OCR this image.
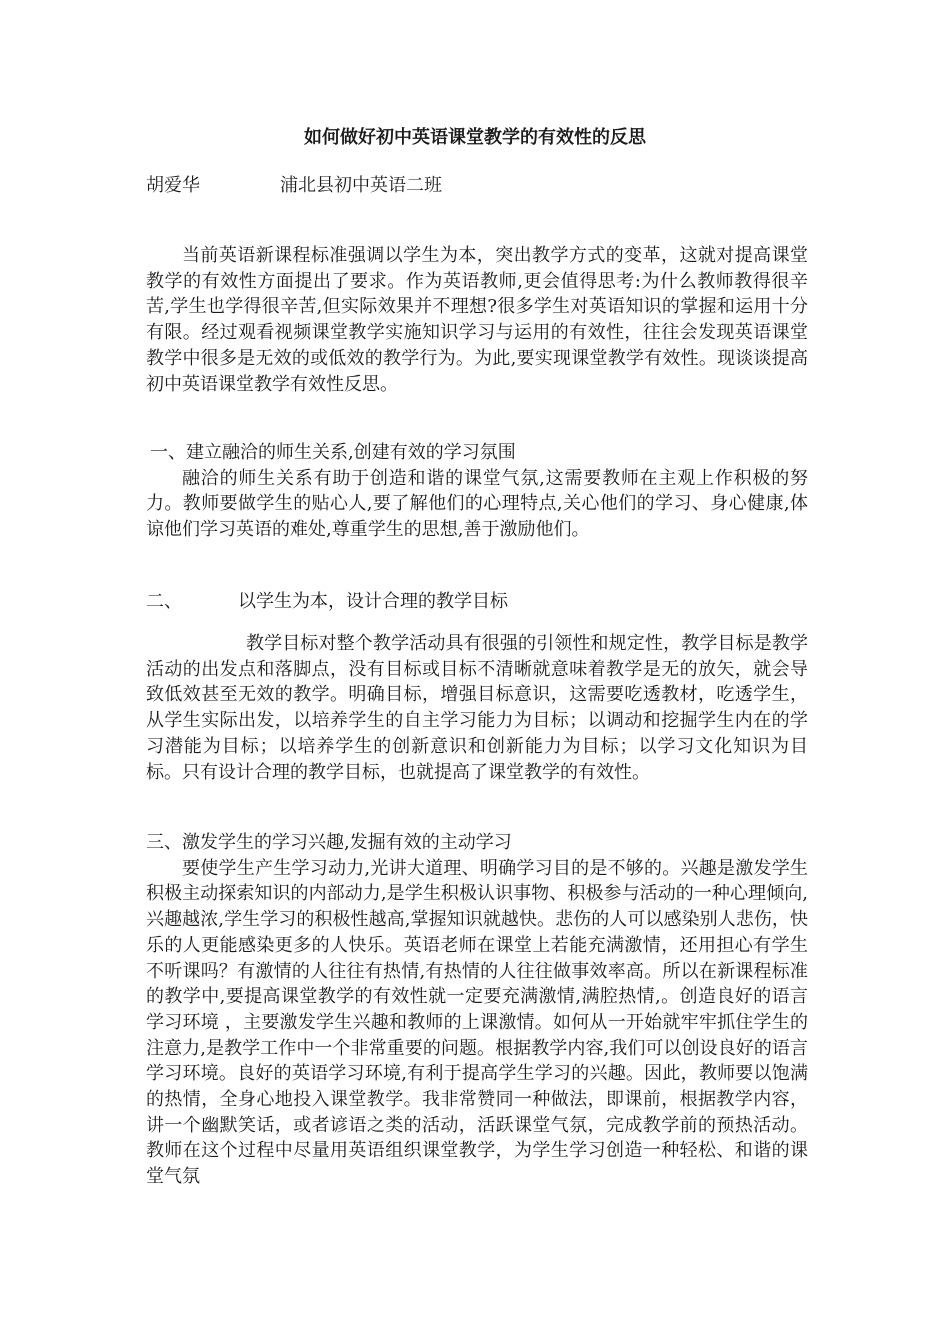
如何做好初中英语课堂教学的有效性的反思
胡爱华	浦北县初中英语二班

当前英语新课程标准强调以学生为本，突出教学方式的变革，这就对提高课堂教学的有效性方面提出了要求。作为英语教师,更会值得思考:为什么教师教得很辛苦,学生也学得很辛苦,但实际效果并不理想?很多学生对英语知识的掌握和运用十分有限。经过观看视频课堂教学实施知识学习与运用的有效性，往往会发现英语课堂教学中很多是无效的或低效的教学行为。为此,要实现课堂教学有效性。现谈谈提高初中英语课堂教学有效性反思。

一、建立融洽的师生关系,创建有效的学习氛围

融洽的师生关系有助于创造和谐的课堂气氛,这需要教师在主观上作积极的努力。教师要做学生的贴心人,要了解他们的心理特点,关心他们的学习、身心健康,体谅他们学习英语的难处,尊重学生的思想,善于激励他们。

二、	以学生为本，设计合理的教学目标

教学目标对整个教学活动具有很强的引领性和规定性，教学目标是教学活动的出发点和落脚点，没有目标或目标不清晰就意味着教学是无的放矢，就会导致低效甚至无效的教学。明确目标，增强目标意识，这需要吃透教材，吃透学生，从学生实际出发，以培养学生的自主学习能力为目标；以调动和挖掘学生内在的学习潜能为目标；以培养学生的创新意识和创新能力为目标；以学习文化知识为目标。只有设计合理的教学目标，也就提高了课堂教学的有效性。

三、激发学生的学习兴趣,发掘有效的主动学习

要使学生产生学习动力,光讲大道理、明确学习目的是不够的。兴趣是激发学生积极主动探索知识的内部动力,是学生积极认识事物、积极参与活动的一种心理倾向,兴趣越浓,学生学习的积极性越高,掌握知识就越快。悲伤的人可以感染别人悲伤，快乐的人更能感染更多的人快乐。英语老师在课堂上若能充满激情，还用担心有学生不听课吗？有激情的人往往有热情,有热情的人往往做事效率高。所以在新课程标准的教学中,要提高课堂教学的有效性就一定要充满激情,满腔热情,。创造良好的语言学习环境 ，主要激发学生兴趣和教师的上课激情。如何从一开始就牢牢抓住学生的注意力,是教学工作中一个非常重要的问题。根据教学内容,我们可以创设良好的语言学习环境。良好的英语学习环境,有利于提高学生学习的兴趣。因此，教师要以饱满的热情，全身心地投入课堂教学。我非常赞同一种做法，即课前，根据教学内容，讲一个幽默笑话，或者谚语之类的活动，活跃课堂气氛，完成教学前的预热活动。教师在这个过程中尽量用英语组织课堂教学，为学生学习创造一种轻松、和谐的课堂气氛
